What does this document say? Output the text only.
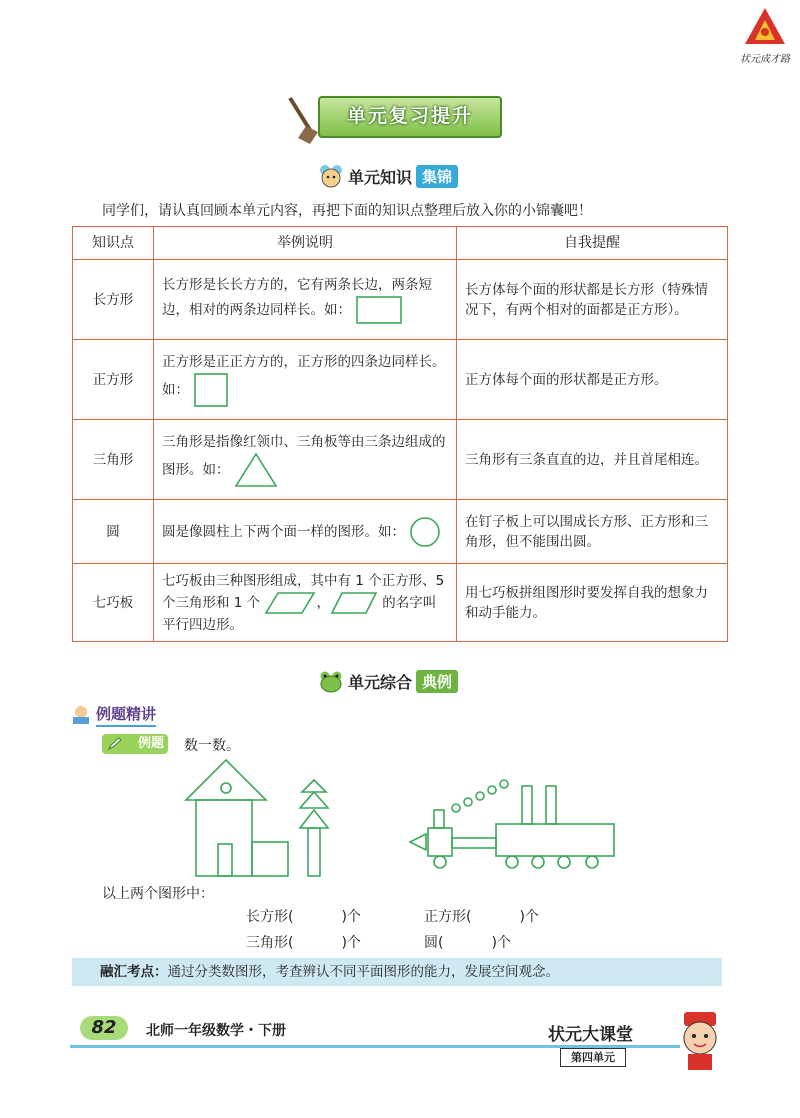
状元成才路
单元复习提升
单元知识 集锦
同学们，请认真回顾本单元内容，再把下面的知识点整理后放入你的小锦囊吧！
知识点	举例说明	自我提醒
长方形	长方形是长长方方的，它有两条长边，两条短边，相对的两条边同样长。如：	长方体每个面的形状都是长方形（特殊情况下，有两个相对的面都是正方形）。
正方形	正方形是正正方方的，正方形的四条边同样长。如：	正方体每个面的形状都是正方形。
三角形	三角形是指像红领巾、三角板等由三条边组成的图形。如：	三角形有三条直直的边，并且首尾相连。
圆	圆是像圆柱上下两个面一样的图形。如：	在钉子板上可以围成长方形、正方形和三角形，但不能围出圆。
七巧板	七巧板由三种图形组成，其中有 1 个正方形、5 个三角形和 1 个 ， 的名字叫平行四边形。	用七巧板拼组图形时要发挥自我的想象力和动手能力。
单元综合 典例
例题精讲
例题 数一数。
以上两个图形中：
长方形(	)个	正方形(	)个
三角形(	)个	圆(	)个
融汇考点：通过分类数图形，考查辨认不同平面图形的能力，发展空间观念。
82	北师一年级数学・下册	状元大课堂
第四单元
